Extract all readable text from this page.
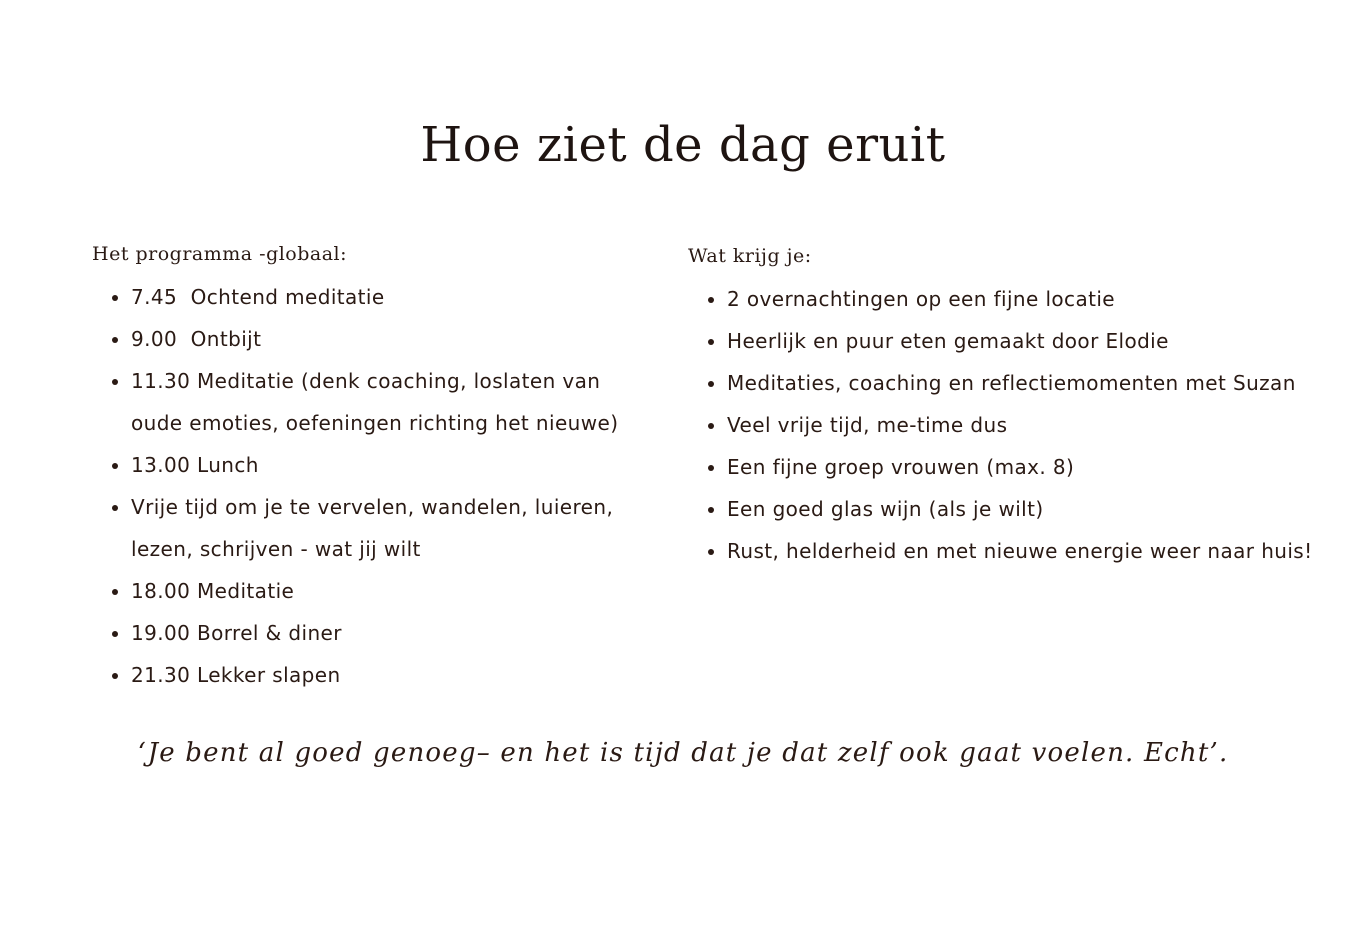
Hoe ziet de dag eruit

Het programma -globaal:

• 7.45  Ochtend meditatie
• 9.00  Ontbijt
• 11.30 Meditatie (denk coaching, loslaten van
oude emoties, oefeningen richting het nieuwe)
• 13.00 Lunch
• Vrije tijd om je te vervelen, wandelen, luieren,
lezen, schrijven - wat jij wilt
• 18.00 Meditatie
• 19.00 Borrel & diner
• 21.30 Lekker slapen

Wat krijg je:

• 2 overnachtingen op een fijne locatie
• Heerlijk en puur eten gemaakt door Elodie
• Meditaties, coaching en reflectiemomenten met Suzan
• Veel vrije tijd, me-time dus
• Een fijne groep vrouwen (max. 8)
• Een goed glas wijn (als je wilt)
• Rust, helderheid en met nieuwe energie weer naar huis!

‘Je bent al goed genoeg– en het is tijd dat je dat zelf ook gaat voelen. Echt’.
